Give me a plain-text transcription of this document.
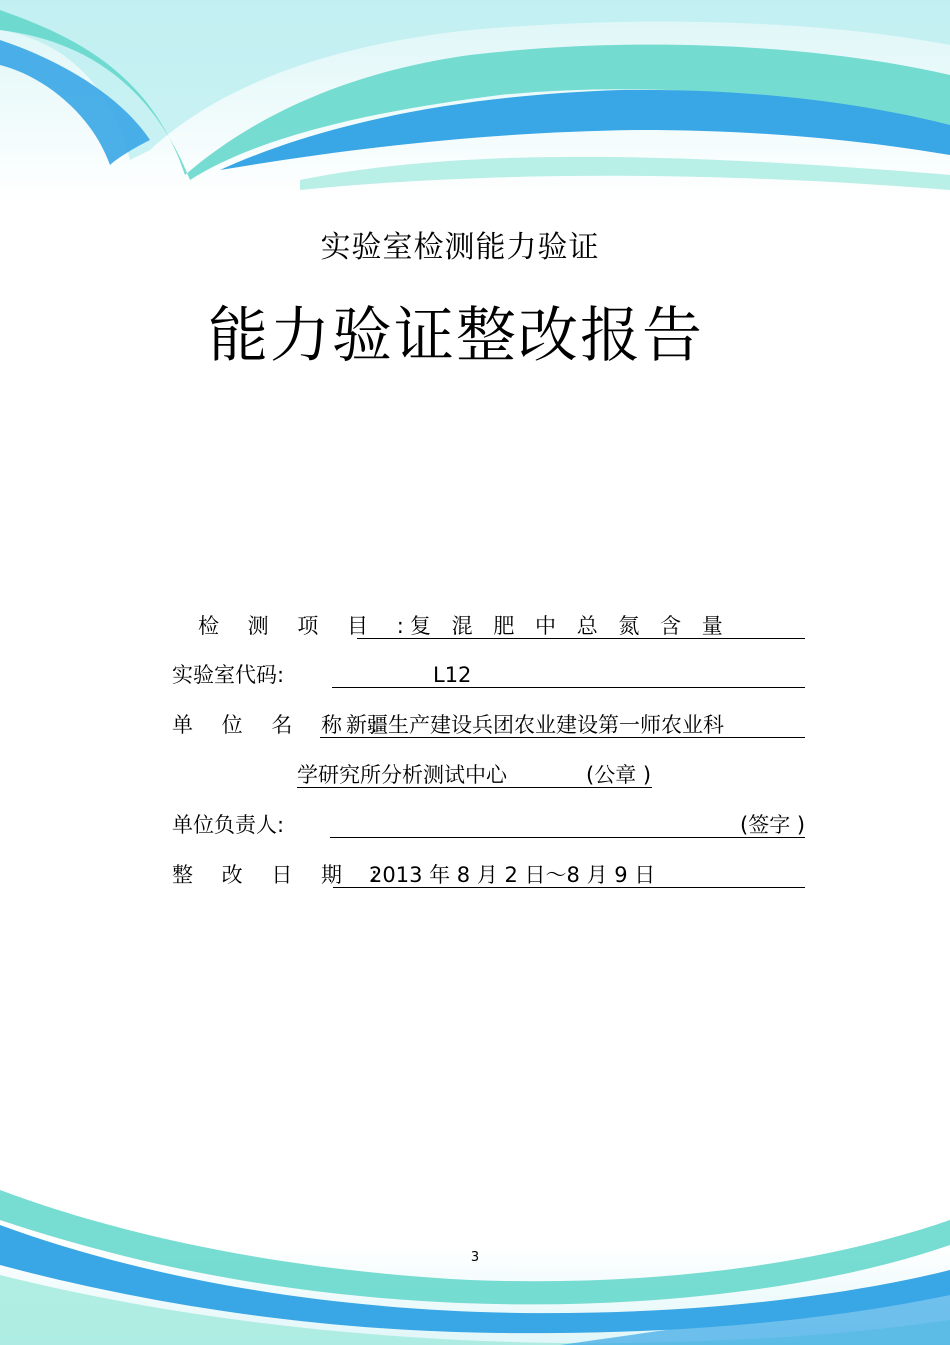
实验室检测能力验证
能力验证整改报告
检 测 项 目 :
复 混 肥 中 总 氮 含 量
实验室代码:	L12
单 位 名 称 :
新疆生产建设兵团农业建设第一师农业科
学研究所分析测试中心	(公章 )
单位负责人:	(签字 )
整 改 日 期 :
2013 年 8 月 2 日～8 月 9 日
3
